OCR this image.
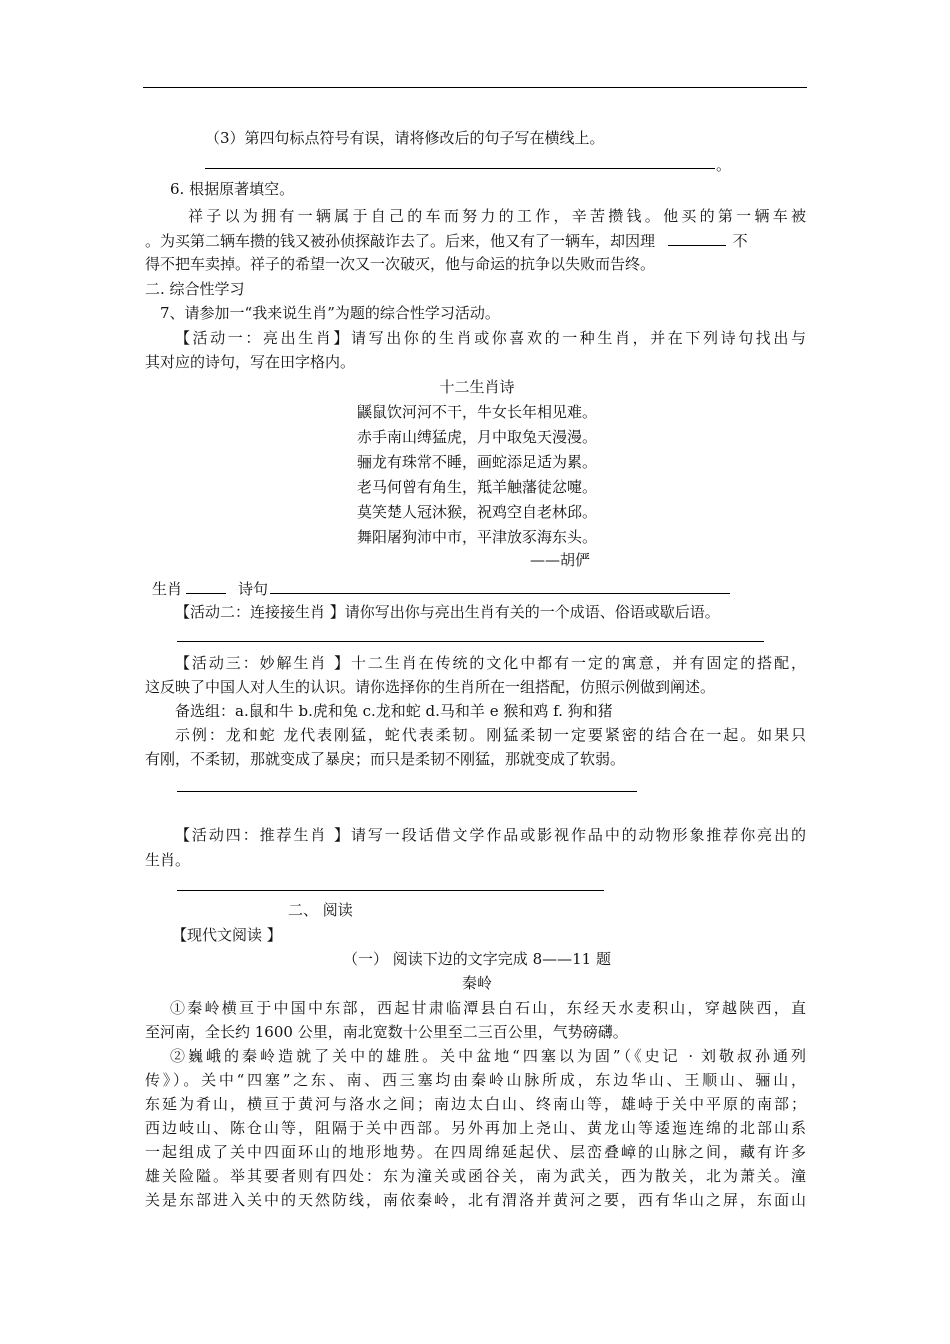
（3）第四句标点符号有误，请将修改后的句子写在横线上。
。
6. 根据原著填空。
祥子以为拥有一辆属于自己的车而努力的工作，辛苦攒钱。他买的第一辆车被
。为买第二辆车攒的钱又被孙侦探敲诈去了。后来，他又有了一辆车，却因理	不
得不把车卖掉。祥子的希望一次又一次破灭，他与命运的抗争以失败而告终。
二. 综合性学习
7、请参加一“我来说生肖”为题的综合性学习活动。
【活动一：亮出生肖】请写出你的生肖或你喜欢的一种生肖，并在下列诗句找出与
其对应的诗句，写在田字格内。
十二生肖诗
鼷鼠饮河河不干，牛女长年相见难。
赤手南山缚猛虎，月中取兔天漫漫。
骊龙有珠常不睡，画蛇添足适为累。
老马何曾有角生，羝羊触藩徒忿嚏。
莫笑楚人冠沐猴，祝鸡空自老林邱。
舞阳屠狗沛中市，平津放豕海东头。
——胡俨
生肖	诗句
【活动二：连接接生肖 】请你写出你与亮出生肖有关的一个成语、俗语或歇后语。
【活动三：妙解生肖 】十二生肖在传统的文化中都有一定的寓意，并有固定的搭配，
这反映了中国人对人生的认识。请你选择你的生肖所在一组搭配，仿照示例做到阐述。
备选组：a.鼠和牛 b.虎和兔 c.龙和蛇 d.马和羊 e 猴和鸡 f. 狗和猪
示例：龙和蛇 龙代表刚猛，蛇代表柔韧。刚猛柔韧一定要紧密的结合在一起。如果只
有刚，不柔韧，那就变成了暴戾；而只是柔韧不刚猛，那就变成了软弱。
【活动四：推荐生肖 】请写一段话借文学作品或影视作品中的动物形象推荐你亮出的
生肖。
二、 阅读
【现代文阅读 】
（一） 阅读下边的文字完成 8——11 题
秦岭
①秦岭横亘于中国中东部，西起甘肃临潭县白石山，东经天水麦积山，穿越陕西，直
至河南，全长约 1600 公里，南北宽数十公里至二三百公里，气势磅礴。
②巍峨的秦岭造就了关中的雄胜。关中盆地“四塞以为固”（《史记 · 刘敬叔孙通列
传》）。关中“四塞”之东、南、西三塞均由秦岭山脉所成，东边华山、王顺山、骊山，
东延为肴山，横亘于黄河与洛水之间；南边太白山、终南山等，雄峙于关中平原的南部；
西边岐山、陈仓山等，阻隔于关中西部。另外再加上尧山、黄龙山等逶迤连绵的北部山系
一起组成了关中四面环山的地形地势。在四周绵延起伏、层峦叠嶂的山脉之间，藏有许多
雄关险隘。举其要者则有四处：东为潼关或函谷关，南为武关，西为散关，北为萧关。潼
关是东部进入关中的天然防线，南依秦岭，北有渭洛并黄河之要，西有华山之屏，东面山
